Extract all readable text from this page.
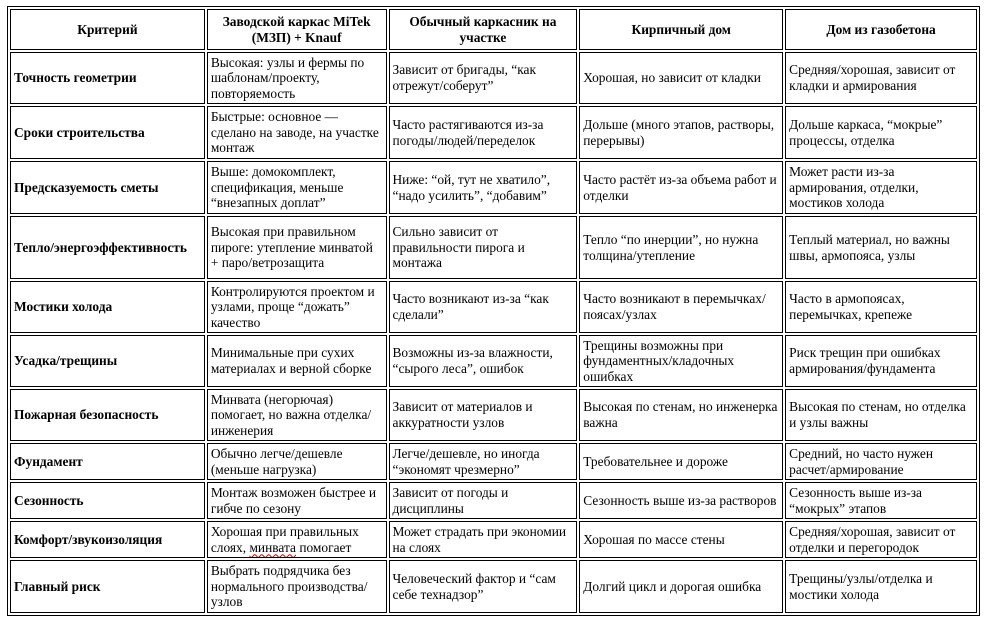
Критерий	Заводской каркас MiTek (МЗП) + Knauf	Обычный каркасник на участке	Кирпичный дом	Дом из газобетона
Точность геометрии	Высокая: узлы и фермы по шаблонам/проекту, повторяемость	Зависит от бригады, “как отрежут/соберут”	Хорошая, но зависит от кладки	Средняя/хорошая, зависит от кладки и армирования
Сроки строительства	Быстрые: основное — сделано на заводе, на участке монтаж	Часто растягиваются из-за погоды/людей/переделок	Дольше (много этапов, растворы, перерывы)	Дольше каркаса, “мокрые” процессы, отделка
Предсказуемость сметы	Выше: домокомплект, спецификация, меньше “внезапных доплат”	Ниже: “ой, тут не хватило”, “надо усилить”, “добавим”	Часто растёт из-за объема работ и отделки	Может расти из-за армирования, отделки, мостиков холода
Тепло/энергоэффективность	Высокая при правильном пироге: утепление минватой + паро/ветрозащита	Сильно зависит от правильности пирога и монтажа	Тепло “по инерции”, но нужна толщина/утепление	Теплый материал, но важны швы, армопояса, узлы
Мостики холода	Контролируются проектом и узлами, проще “дожать” качество	Часто возникают из-за “как сделали”	Часто возникают в перемычках/поясах/узлах	Часто в армопоясах, перемычках, крепеже
Усадка/трещины	Минимальные при сухих материалах и верной сборке	Возможны из-за влажности, “сырого леса”, ошибок	Трещины возможны при фундаментных/кладочных ошибках	Риск трещин при ошибках армирования/фундамента
Пожарная безопасность	Минвата (негорючая) помогает, но важна отделка/инженерия	Зависит от материалов и аккуратности узлов	Высокая по стенам, но инженерка важна	Высокая по стенам, но отделка и узлы важны
Фундамент	Обычно легче/дешевле (меньше нагрузка)	Легче/дешевле, но иногда “экономят чрезмерно”	Требовательнее и дороже	Средний, но часто нужен расчет/армирование
Сезонность	Монтаж возможен быстрее и гибче по сезону	Зависит от погоды и дисциплины	Сезонность выше из-за растворов	Сезонность выше из-за “мокрых” этапов
Комфорт/звукоизоляция	Хорошая при правильных слоях, минвата помогает	Может страдать при экономии на слоях	Хорошая по массе стены	Средняя/хорошая, зависит от отделки и перегородок
Главный риск	Выбрать подрядчика без нормального производства/узлов	Человеческий фактор и “сам себе технадзор”	Долгий цикл и дорогая ошибка	Трещины/узлы/отделка и мостики холода
